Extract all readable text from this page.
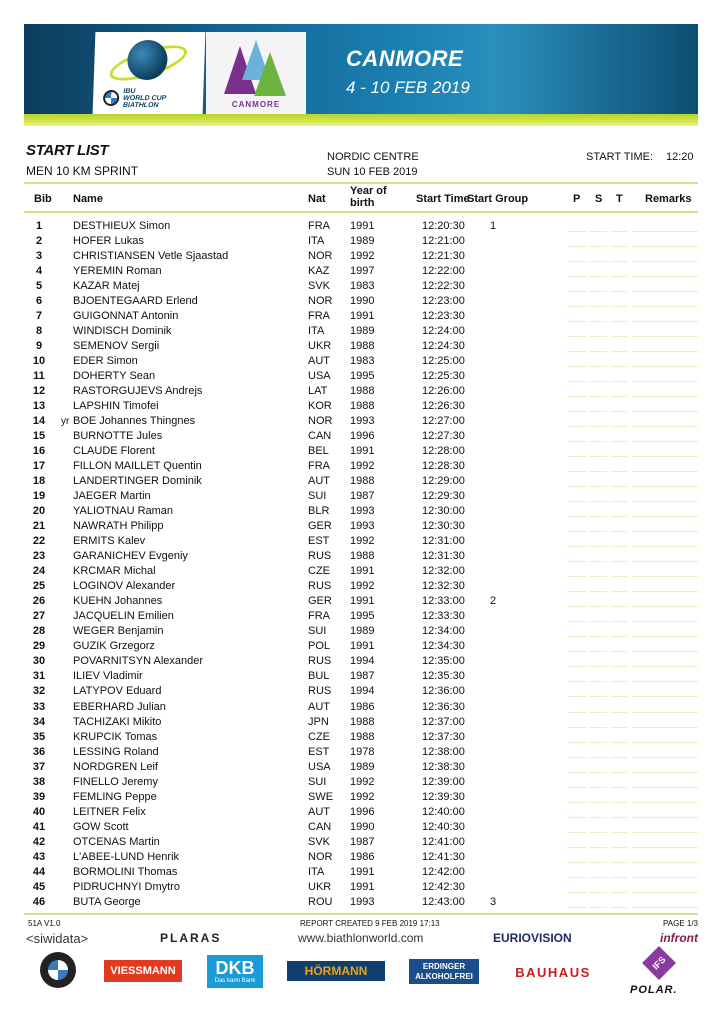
IBU
WORLD CUP
BIATHLON	CANMORE
CANMORE
4 - 10 FEB 2019
START LIST
MEN 10 KM SPRINT
NORDIC CENTRE
SUN 10 FEB 2019
START TIME: 12:20
Bib Name	Nat
Year of birth	Start Time
Start Group	P S T Remarks
1	DESTHIEUX Simon	FRA 1991	12:20:30 1
2	HOFER Lukas	ITA 1989	12:21:00
3	CHRISTIANSEN Vetle Sjaastad	NOR 1992	12:21:30
4	YEREMIN Roman	KAZ 1997	12:22:00
5	KAZAR Matej	SVK 1983	12:22:30
6	BJOENTEGAARD Erlend	NOR 1990	12:23:00
7	GUIGONNAT Antonin	FRA 1991	12:23:30
8	WINDISCH Dominik	ITA 1989	12:24:00
9	SEMENOV Sergii	UKR 1988	12:24:30
10	EDER Simon	AUT 1983	12:25:00
11	DOHERTY Sean	USA 1995	12:25:30
12	RASTORGUJEVS Andrejs	LAT 1988	12:26:00
13	LAPSHIN Timofei	KOR 1988	12:26:30
14	yr BOE Johannes Thingnes	NOR 1993	12:27:00
15	BURNOTTE Jules	CAN 1996	12:27:30
16	CLAUDE Florent	BEL 1991	12:28:00
17	FILLON MAILLET Quentin	FRA 1992	12:28:30
18	LANDERTINGER Dominik	AUT 1988	12:29:00
19	JAEGER Martin	SUI 1987	12:29:30
20	YALIOTNAU Raman	BLR 1993	12:30:00
21	NAWRATH Philipp	GER 1993	12:30:30
22	ERMITS Kalev	EST 1992	12:31:00
23	GARANICHEV Evgeniy	RUS 1988	12:31:30
24	KRCMAR Michal	CZE 1991	12:32:00
25	LOGINOV Alexander	RUS 1992	12:32:30
26	KUEHN Johannes	GER 1991	12:33:00 2
27	JACQUELIN Emilien	FRA 1995	12:33:30
28	WEGER Benjamin	SUI 1989	12:34:00
29	GUZIK Grzegorz	POL 1991	12:34:30
30	POVARNITSYN Alexander	RUS 1994	12:35:00
31	ILIEV Vladimir	BUL 1987	12:35:30
32	LATYPOV Eduard	RUS 1994	12:36:00
33	EBERHARD Julian	AUT 1986	12:36:30
34	TACHIZAKI Mikito	JPN 1988	12:37:00
35	KRUPCIK Tomas	CZE 1988	12:37:30
36	LESSING Roland	EST 1978	12:38:00
37	NORDGREN Leif	USA 1989	12:38:30
38	FINELLO Jeremy	SUI 1992	12:39:00
39	FEMLING Peppe	SWE 1992	12:39:30
40	LEITNER Felix	AUT 1996	12:40:00
41	GOW Scott	CAN 1990	12:40:30
42	OTCENAS Martin	SVK 1987	12:41:00
43	L'ABEE-LUND Henrik	NOR 1986	12:41:30
44	BORMOLINI Thomas	ITA 1991	12:42:00
45	PIDRUCHNYI Dmytro	UKR 1991	12:42:30
46	BUTA George	ROU 1993	12:43:00 3
51A V1.0	REPORT CREATED 9 FEB 2019 17:13	PAGE 1/3
<siwidata>	PLARAS	www.biathlonworld.com	EURIOVISION	infront
VIESSMANN	DKB
Das kann Bank
HÖRMANN	ERDINGER
ALKOHOLFREI	BAUHAUS
IFS
POLAR.
